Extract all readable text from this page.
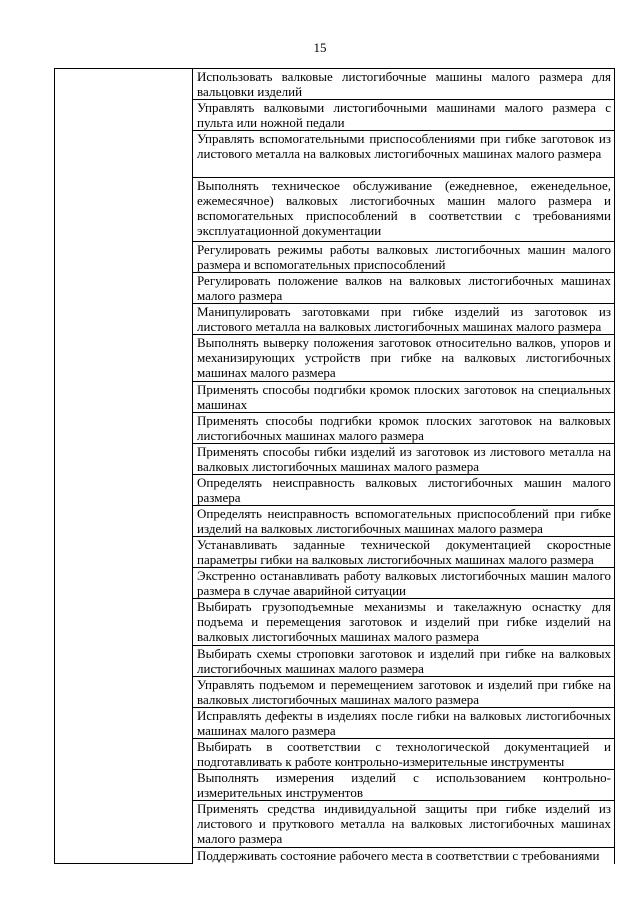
15
	Использовать валковые листогибочные машины малого размера для вальцовки изделий
Управлять валковыми листогибочными машинами малого размера с пульта или ножной педали
Управлять вспомогательными приспособлениями при гибке заготовок из листового металла на валковых листогибочных машинах малого размера
Выполнять техническое обслуживание (ежедневное, еженедельное, ежемесячное) валковых листогибочных машин малого размера и вспомогательных приспособлений в соответствии с требованиями эксплуатационной документации
Регулировать режимы работы валковых листогибочных машин малого размера и вспомогательных приспособлений
Регулировать положение валков на валковых листогибочных машинах малого размера
Манипулировать заготовками при гибке изделий из заготовок из листового металла на валковых листогибочных машинах малого размера
Выполнять выверку положения заготовок относительно валков, упоров и механизирующих устройств при гибке на валковых листогибочных машинах малого размера
Применять способы подгибки кромок плоских заготовок на специальных машинах
Применять способы подгибки кромок плоских заготовок на валковых листогибочных машинах малого размера
Применять способы гибки изделий из заготовок из листового металла на валковых листогибочных машинах малого размера
Определять неисправность валковых листогибочных машин малого размера
Определять неисправность вспомогательных приспособлений при гибке изделий на валковых листогибочных машинах малого размера
Устанавливать заданные технической документацией скоростные параметры гибки на валковых листогибочных машинах малого размера
Экстренно останавливать работу валковых листогибочных машин малого размера в случае аварийной ситуации
Выбирать грузоподъемные механизмы и такелажную оснастку для подъема и перемещения заготовок и изделий при гибке изделий на валковых листогибочных машинах малого размера
Выбирать схемы строповки заготовок и изделий при гибке на валковых листогибочных машинах малого размера
Управлять подъемом и перемещением заготовок и изделий при гибке на валковых листогибочных машинах малого размера
Исправлять дефекты в изделиях после гибки на валковых листогибочных машинах малого размера
Выбирать в соответствии с технологической документацией и подготавливать к работе контрольно-измерительные инструменты
Выполнять измерения изделий с использованием контрольно-измерительных инструментов
Применять средства индивидуальной защиты при гибке изделий из листового и пруткового металла на валковых листогибочных машинах малого размера
Поддерживать состояние рабочего места в соответствии с требованиями
